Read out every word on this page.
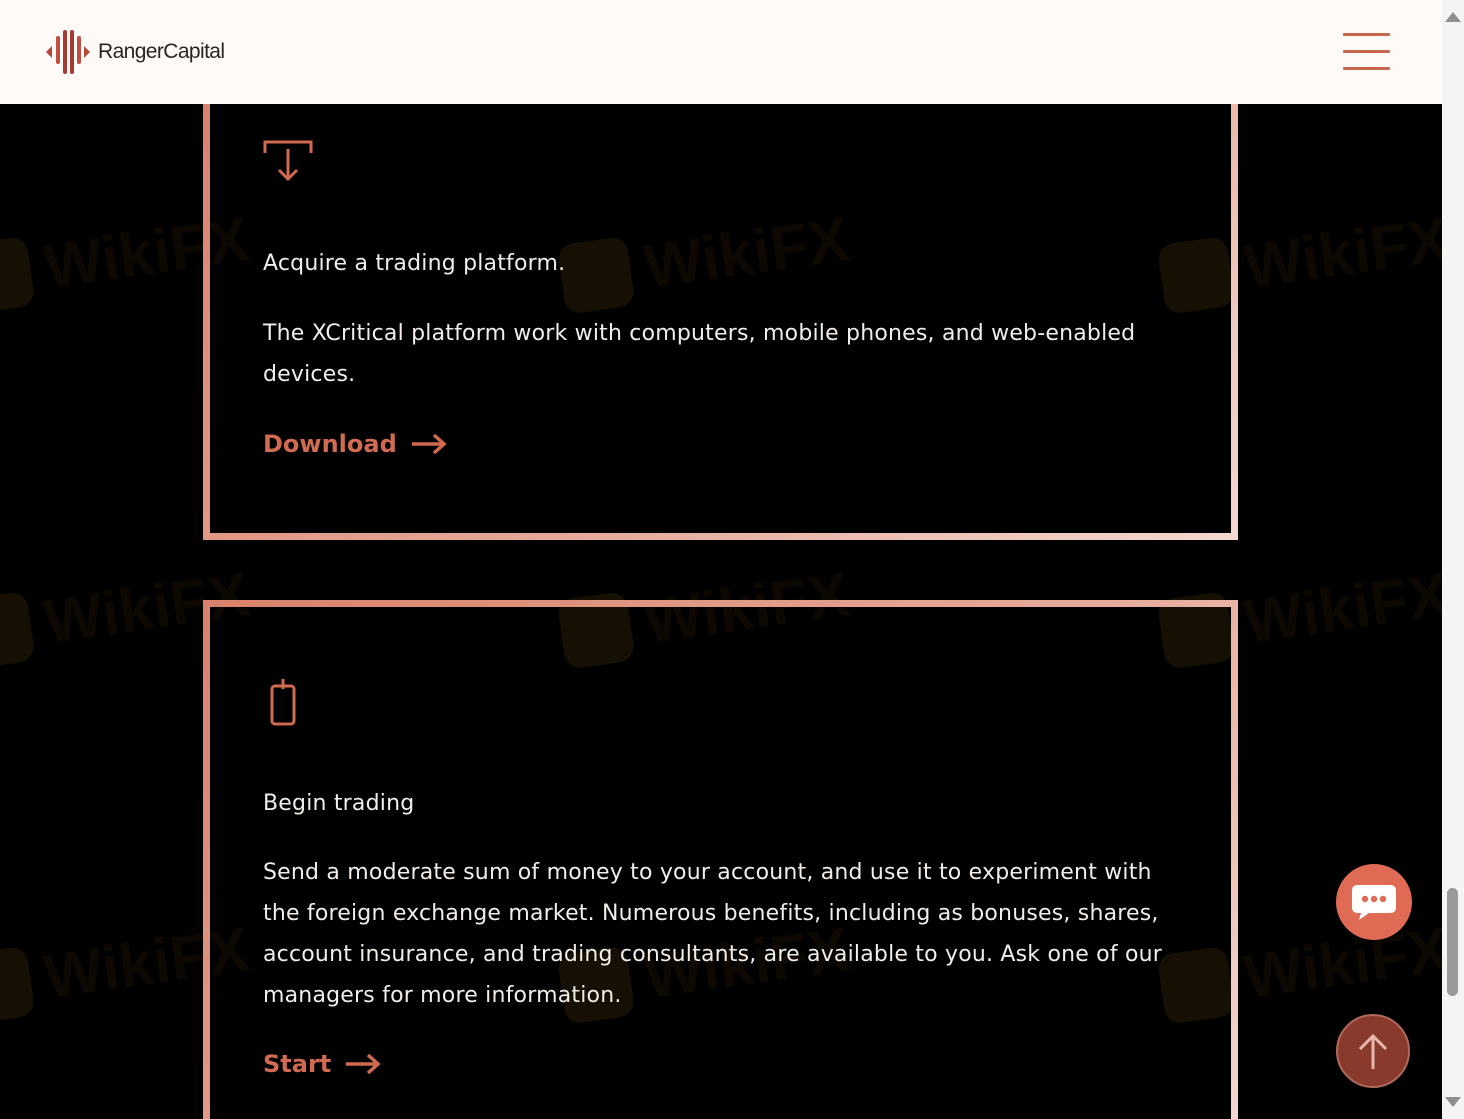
RangerCapital
WikiFX	WikiFX	WikiFX
WikiFX	WikiFX	WikiFX
WikiFX	WikiFX	WikiFX
Acquire a trading platform.

The XCritical platform work with computers, mobile phones, and web-enabled devices.

Download
Begin trading

Send a moderate sum of money to your account, and use it to experiment with the foreign exchange market. Numerous benefits, including as bonuses, shares, account insurance, and trading consultants, are available to you. Ask one of our managers for more information.

Start
